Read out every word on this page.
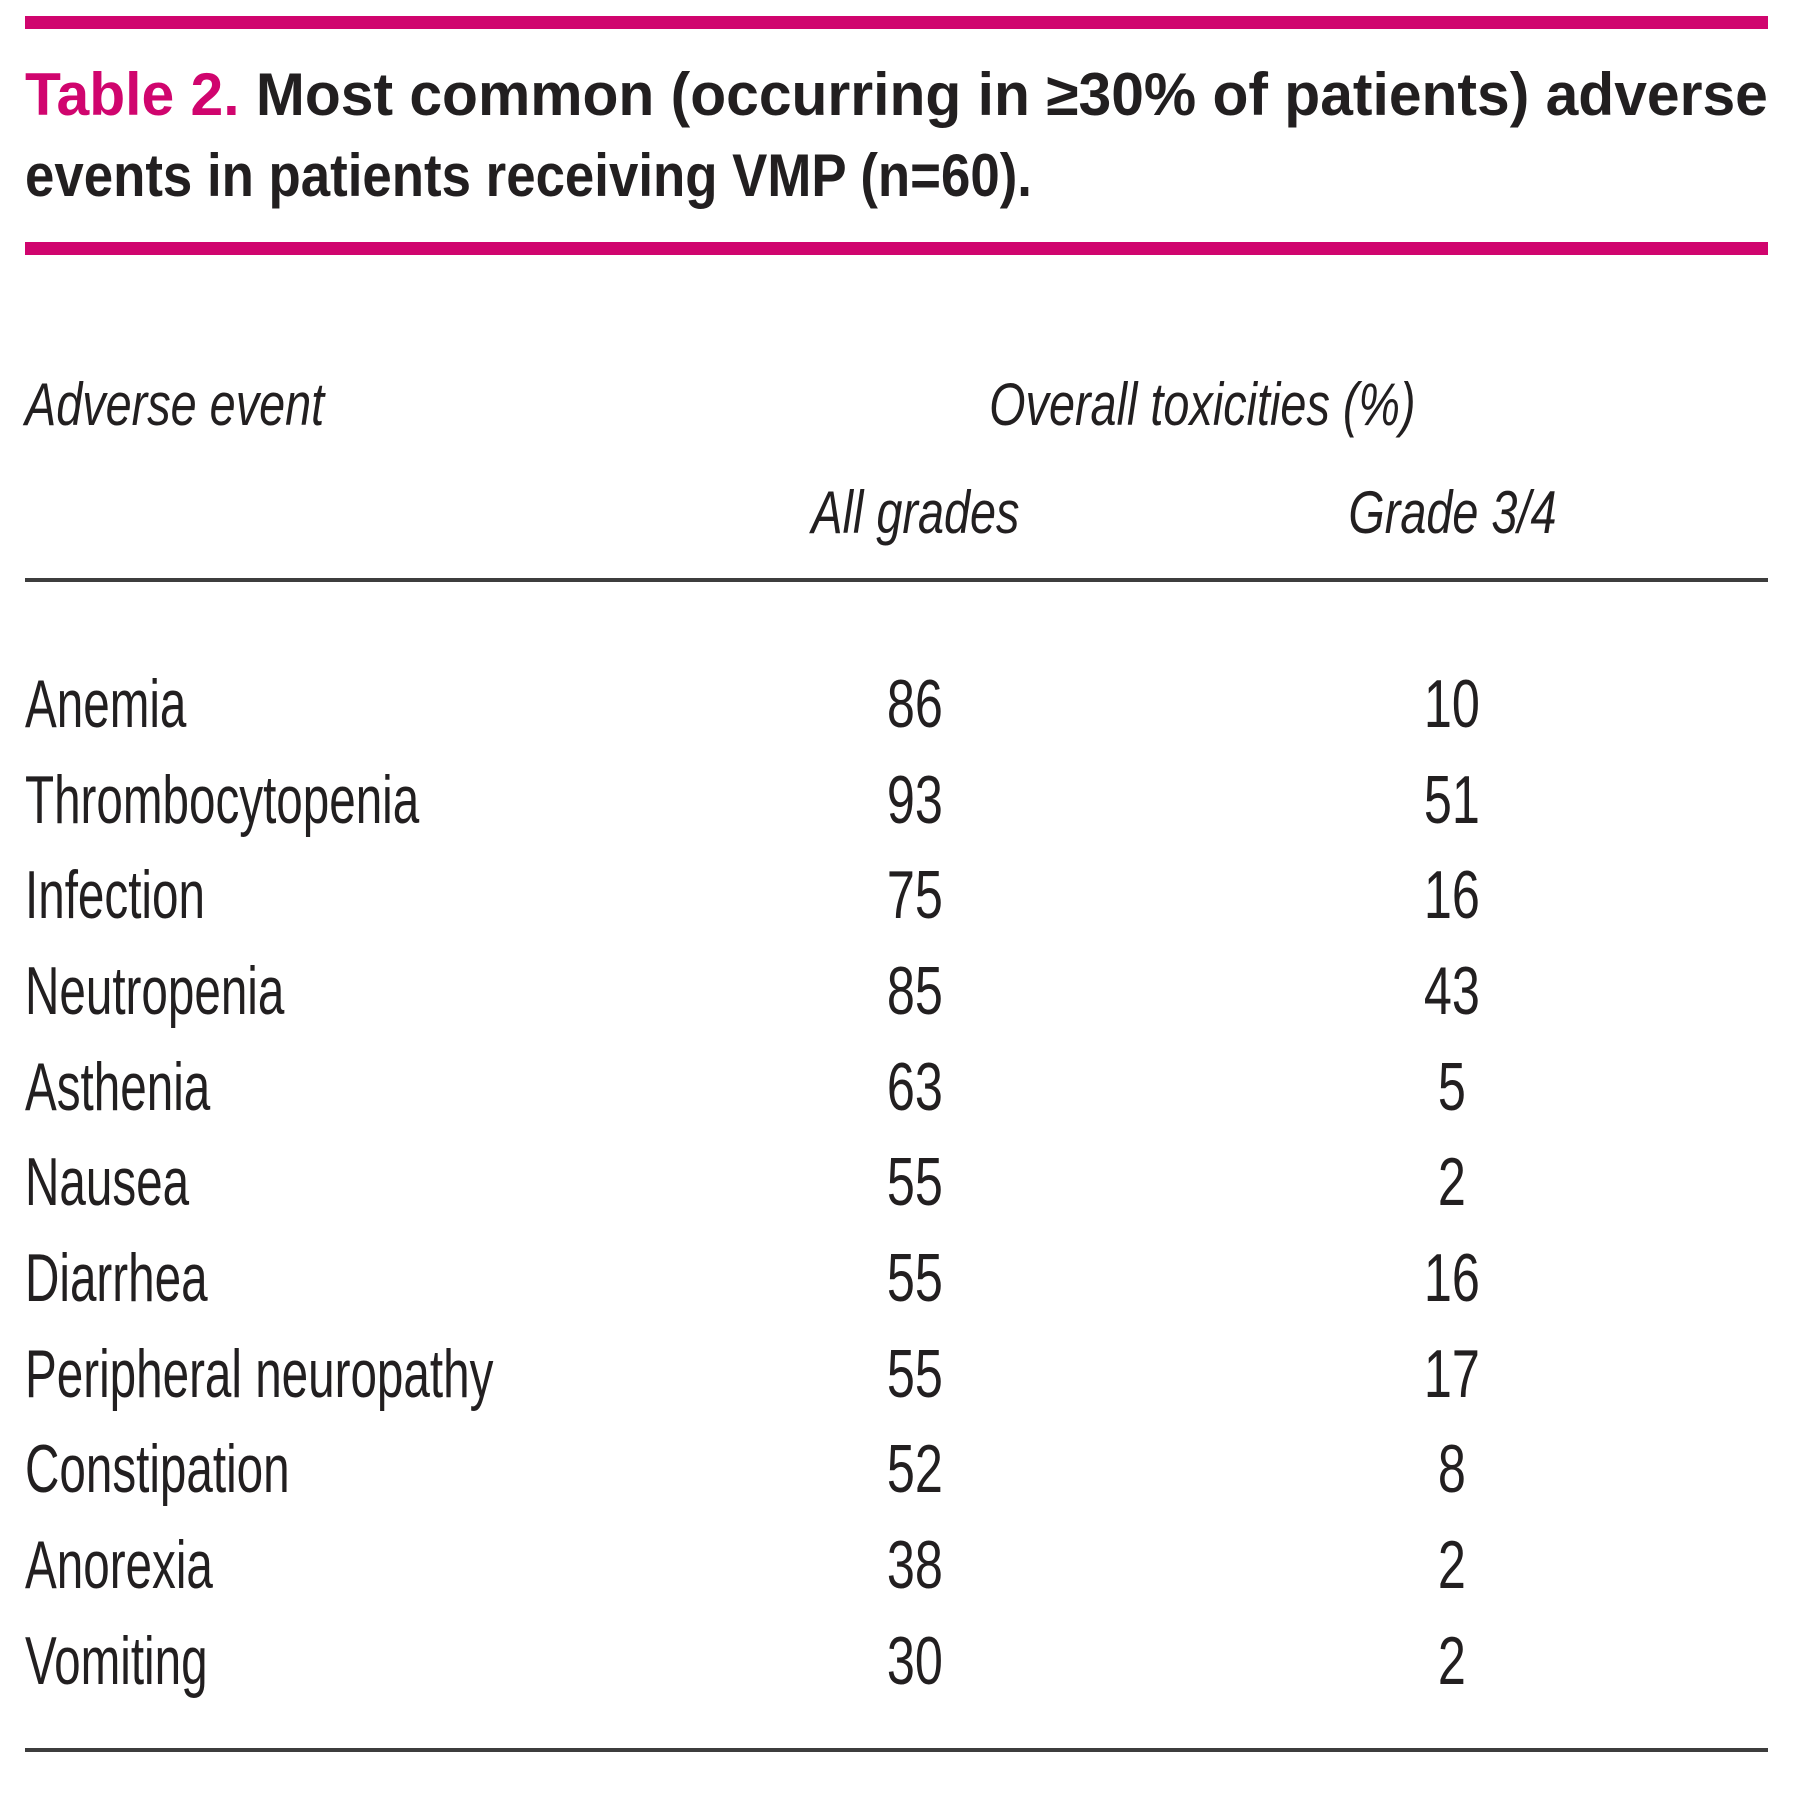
Table 2. Most common (occurring in ≥30% of patients) adverse
events in patients receiving VMP (n=60).
Adverse event	Overall toxicities (%)
All grades	Grade 3/4
Anemia	86	10
Thrombocytopenia	93	51
Infection	75	16
Neutropenia	85	43
Asthenia	63	5
Nausea	55	2
Diarrhea	55	16
Peripheral neuropathy	55	17
Constipation	52	8
Anorexia	38	2
Vomiting	30	2
